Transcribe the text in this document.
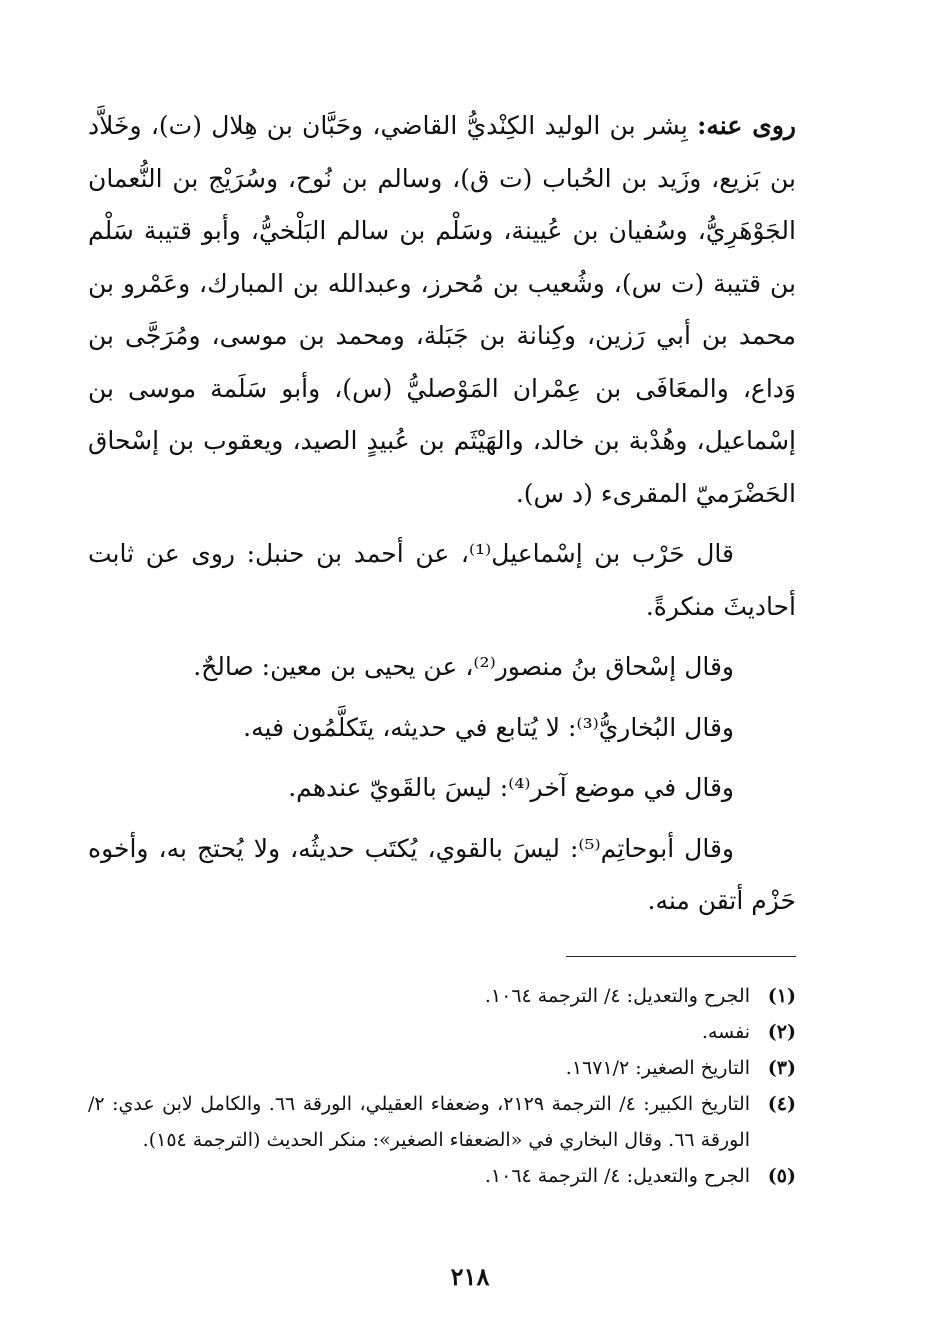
روى عنه: بِشر بن الوليد الكِنْديُّ القاضي، وحَبَّان بن هِلال (ت)، وخَلاَّد بن بَزيع، وزَيد بن الحُباب (ت ق)، وسالم بن نُوح، وسُرَيْج بن النُّعمان الجَوْهَرِيُّ، وسُفيان بن عُيينة، وسَلْم بن سالم البَلْخيُّ، وأبو قتيبة سَلْم بن قتيبة (ت س)، وشُعيب بن مُحرز، وعبدالله بن المبارك، وعَمْرو بن محمد بن أبي رَزين، وكِنانة بن جَبَلة، ومحمد بن موسى، ومُرَجَّى بن وَداع، والمعَافَى بن عِمْران المَوْصليُّ (س)، وأبو سَلَمة موسى بن إسْماعيل، وهُدْبة بن خالد، والهَيْثَم بن عُبيدٍ الصيد، ويعقوب بن إسْحاق الحَضْرَميّ المقرىء (د س).

قال حَرْب بن إسْماعيل⁽¹⁾، عن أحمد بن حنبل: روى عن ثابت أحاديثَ منكرةً.

وقال إسْحاق بنُ منصور⁽²⁾، عن يحيى بن معين: صالحٌ.

وقال البُخاريُّ⁽³⁾: لا يُتابع في حديثه، يتَكلَّمُون فيه.

وقال في موضع آخر⁽⁴⁾: ليسَ بالقَويّ عندهم.

وقال أبوحاتِم⁽⁵⁾: ليسَ بالقوي، يُكتَب حديثُه، ولا يُحتج به، وأخوه حَزْم أتقن منه.

(١)
الجرح والتعديل: ٤/ الترجمة ١٠٦٤.
(٢)
نفسه.
(٣)
التاريخ الصغير: ١٦٧١/٢.
(٤)
التاريخ الكبير: ٤/ الترجمة ٢١٢٩، وضعفاء العقيلي، الورقة ٦٦. والكامل لابن عدي: ٢/ الورقة ٦٦. وقال البخاري في «الضعفاء الصغير»: منكر الحديث (الترجمة ١٥٤).
(٥)
الجرح والتعديل: ٤/ الترجمة ١٠٦٤.
٢١٨
